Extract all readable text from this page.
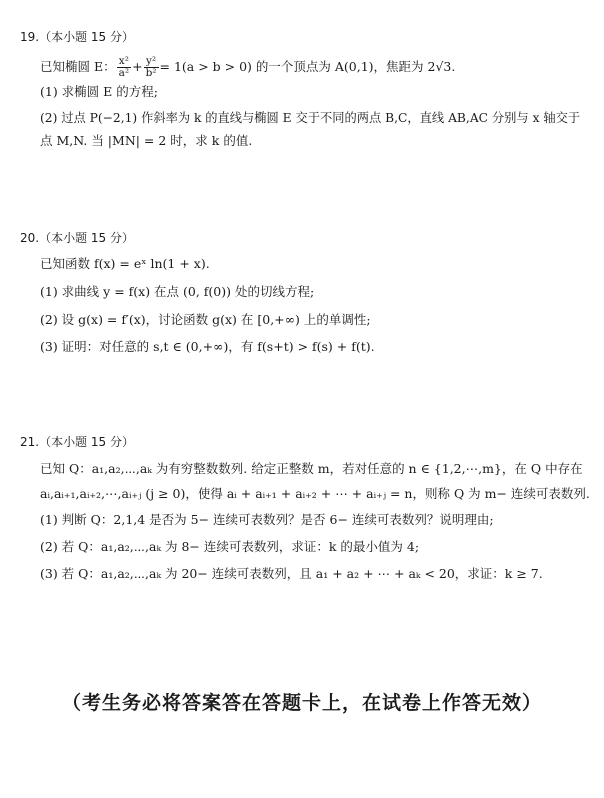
19.（本小题 15 分）
已知椭圆 E： $\frac{\text{x²}}{\text{a²}} + \frac{\text{y²}}{\text{b²}} = 1(a > b > 0)$ 的一个顶点为 A(0,1)，焦距为 2√3.
(1) 求椭圆 E 的方程;
(2) 过点 P(−2,1) 作斜率为 k 的直线与椭圆 E 交于不同的两点 B,C，直线 AB,AC 分别与 x 轴交于
点 M,N. 当 |MN| = 2 时，求 k 的值.
20.（本小题 15 分）
已知函数 f(x) = eˣ ln(1 + x).
(1) 求曲线 y = f(x) 在点 (0, f(0)) 处的切线方程;
(2) 设 g(x) = f′(x)，讨论函数 g(x) 在 [0,+∞) 上的单调性;
(3) 证明：对任意的 s,t ∈ (0,+∞)，有 f(s+t) > f(s) + f(t).
21.（本小题 15 分）
已知 Q：a₁,a₂,⋯,aₖ 为有穷整数数列. 给定正整数 m，若对任意的 n ∈ {1,2,⋯,m}，在 Q 中存在
aᵢ,aᵢ₊₁,aᵢ₊₂,⋯,aᵢ₊ⱼ (j ≥ 0)，使得 aᵢ + aᵢ₊₁ + aᵢ₊₂ + ⋯ + aᵢ₊ⱼ = n，则称 Q 为 m− 连续可表数列.
(1) 判断 Q：2,1,4 是否为 5− 连续可表数列？是否 6− 连续可表数列？说明理由;
(2) 若 Q：a₁,a₂,⋯,aₖ 为 8− 连续可表数列，求证：k 的最小值为 4;
(3) 若 Q：a₁,a₂,⋯,aₖ 为 20− 连续可表数列，且 a₁ + a₂ + ⋯ + aₖ < 20，求证：k ≥ 7.
（考生务必将答案答在答题卡上，在试卷上作答无效）
